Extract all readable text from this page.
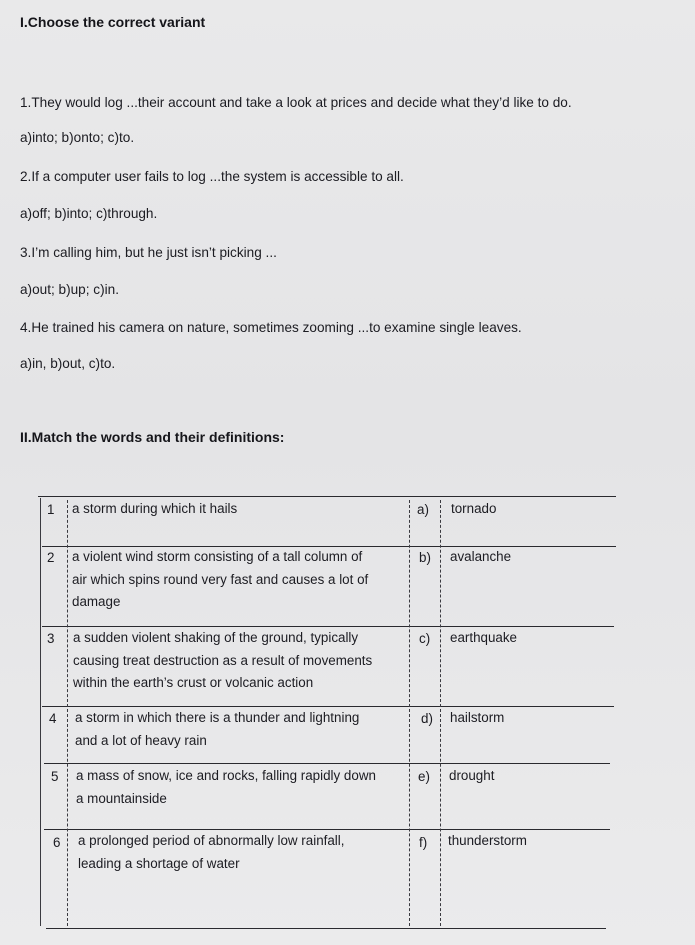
I.Choose the correct variant
1.They would log ...their account and take a look at prices and decide what they’d like to do.
a)into; b)onto; c)to.
2.If a computer user fails to log ...the system is accessible to all.
a)off; b)into; c)through.
3.I’m calling him, but he just isn’t picking ...
a)out; b)up; c)in.
4.He trained his camera on nature, sometimes zooming ...to examine single leaves.
a)in, b)out, c)to.
II.Match the words and their definitions:
1 a storm during which it hails	a) tornado
2 a violent wind storm consisting of a tall column of
air which spins round very fast and causes a lot of
damage
b) avalanche
3 a sudden violent shaking of the ground, typically
causing treat destruction as a result of movements
within the earth’s crust or volcanic action
c) earthquake
4 a storm in which there is a thunder and lightning
and a lot of heavy rain
d) hailstorm
5 a mass of snow, ice and rocks, falling rapidly down
a mountainside
e) drought
6 a prolonged period of abnormally low rainfall,
leading a shortage of water
f) thunderstorm
